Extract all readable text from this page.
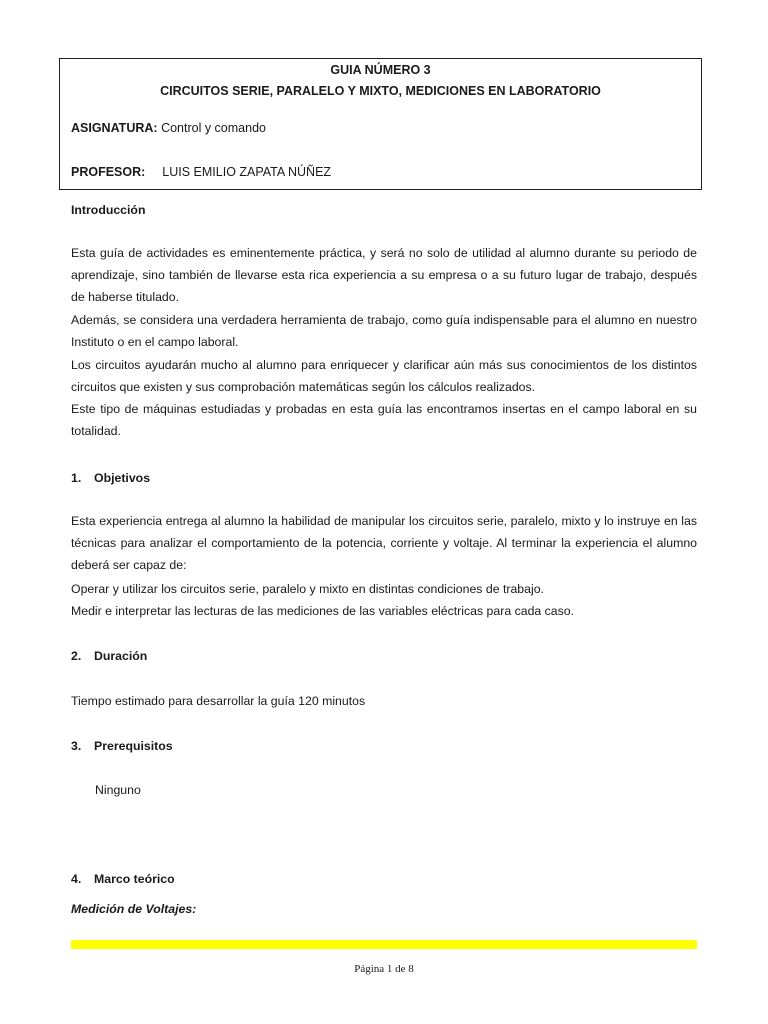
GUIA NÚMERO 3
CIRCUITOS SERIE, PARALELO Y MIXTO, MEDICIONES EN LABORATORIO
ASIGNATURA: Control y comando
PROFESOR: LUIS EMILIO ZAPATA NÚÑEZ
Introducción
Esta guía de actividades es eminentemente práctica, y será no solo de utilidad al alumno durante su periodo de aprendizaje, sino también de llevarse esta rica experiencia a su empresa o a su futuro lugar de trabajo, después de haberse titulado.
Además, se considera una verdadera herramienta de trabajo, como guía indispensable para el alumno en nuestro Instituto o en el campo laboral.
Los circuitos ayudarán mucho al alumno para enriquecer y clarificar aún más sus conocimientos de los distintos circuitos que existen y sus comprobación matemáticas según los cálculos realizados.
Este tipo de máquinas estudiadas y probadas en esta guía las encontramos insertas en el campo laboral en su totalidad.
1. Objetivos
Esta experiencia entrega al alumno la habilidad de manipular los circuitos serie, paralelo, mixto y lo instruye en las técnicas para analizar el comportamiento de la potencia, corriente y voltaje. Al terminar la experiencia el alumno deberá ser capaz de:
Operar y utilizar los circuitos serie, paralelo y mixto en distintas condiciones de trabajo.
Medir e interpretar las lecturas de las mediciones de las variables eléctricas para cada caso.
2. Duración
Tiempo estimado para desarrollar la guía 120 minutos
3. Prerequisitos
Ninguno
4. Marco teórico
Medición de Voltajes:
Página 1 de 8
